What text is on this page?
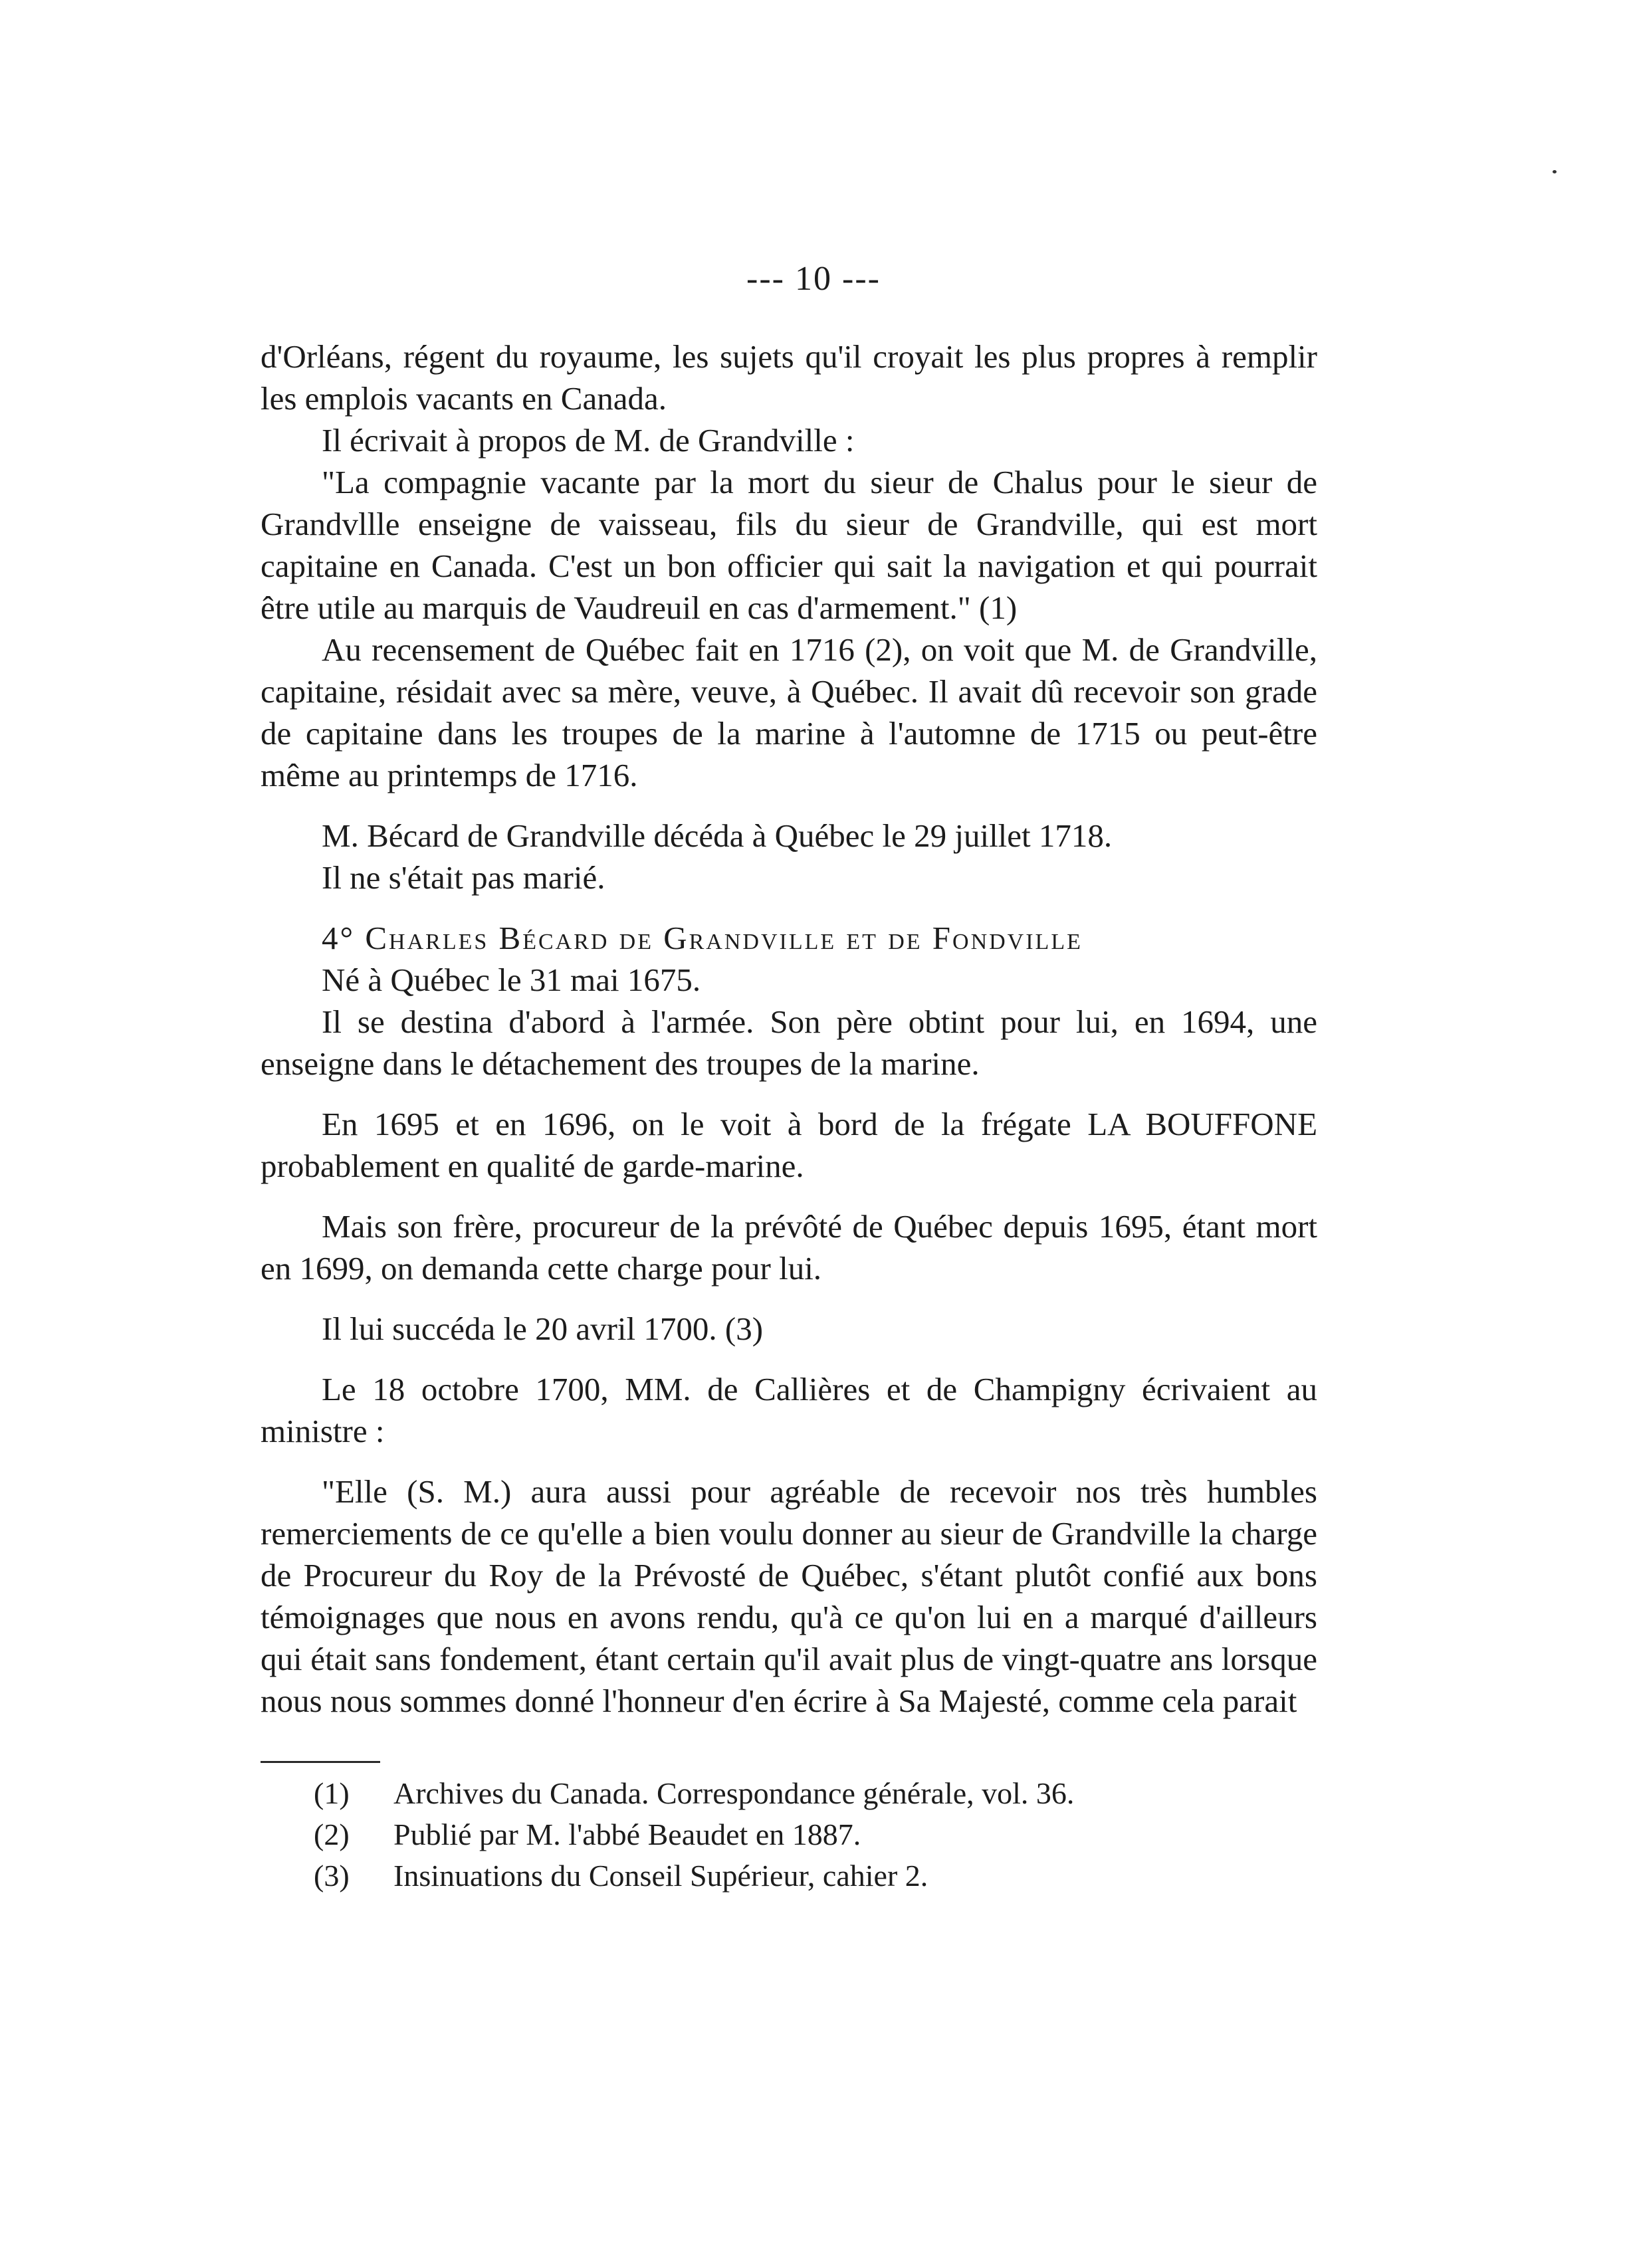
--- 10 ---

d'Orléans, régent du royaume, les sujets qu'il croyait les plus propres à remplir les emplois vacants en Canada.

Il écrivait à propos de M. de Grandville :

"La compagnie vacante par la mort du sieur de Chalus pour le sieur de Grandvllle enseigne de vaisseau, fils du sieur de Grandville, qui est mort capitaine en Canada. C'est un bon officier qui sait la navigation et qui pourrait être utile au marquis de Vaudreuil en cas d'armement." (1)

Au recensement de Québec fait en 1716 (2), on voit que M. de Grandville, capitaine, résidait avec sa mère, veuve, à Québec. Il avait dû recevoir son grade de capitaine dans les troupes de la marine à l'automne de 1715 ou peut-être même au printemps de 1716.

M. Bécard de Grandville décéda à Québec le 29 juillet 1718.

Il ne s'était pas marié.

4° Charles Bécard de Grandville et de Fondville

Né à Québec le 31 mai 1675.

Il se destina d'abord à l'armée. Son père obtint pour lui, en 1694, une enseigne dans le détachement des troupes de la marine.

En 1695 et en 1696, on le voit à bord de la frégate LA BOUFFONE probablement en qualité de garde-marine.

Mais son frère, procureur de la prévôté de Québec depuis 1695, étant mort en 1699, on demanda cette charge pour lui.

Il lui succéda le 20 avril 1700. (3)

Le 18 octobre 1700, MM. de Callières et de Champigny écrivaient au ministre :

"Elle (S. M.) aura aussi pour agréable de recevoir nos très humbles remerciements de ce qu'elle a bien voulu donner au sieur de Grandville la charge de Procureur du Roy de la Prévosté de Québec, s'étant plutôt confié aux bons témoignages que nous en avons rendu, qu'à ce qu'on lui en a marqué d'ailleurs qui était sans fondement, étant certain qu'il avait plus de vingt-quatre ans lorsque nous nous sommes donné l'honneur d'en écrire à Sa Majesté, comme cela parait

(1)	Archives du Canada. Correspondance générale, vol. 36.
(2)	Publié par M. l'abbé Beaudet en 1887.
(3)	Insinuations du Conseil Supérieur, cahier 2.
